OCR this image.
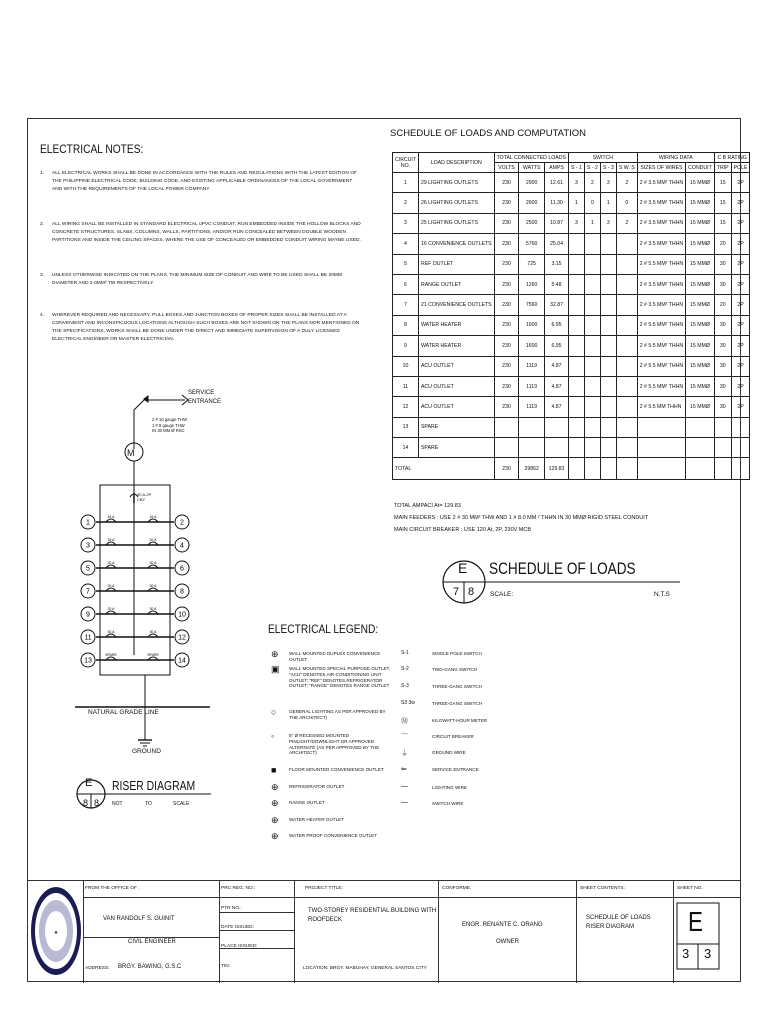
ELECTRICAL NOTES:
1. ALL ELECTRICAL WORKS SHALL BE DONE IN ACCORDANCE WITH THE RULES AND REGULATIONS WITH THE LATEST EDITION OF THE PHILIPPINE ELECTRICAL CODE, BUILDING CODE, AND EXISTING APPLICABLE ORDINANCES OF THE LOCAL GOVERNMENT AND WITH THE REQUIREMENTS OF THE LOCAL POWER COMPANY.
2. ALL WIRING SHALL BE INSTALLED IN STANDARD ELECTRICAL uPVC CONDUIT, RUN EMBEDDED INSIDE THE HOLLOW BLOCKS AND CONCRETE STRUCTURES, SLABS, COLUMNS, WALLS, PARTITIONS, AND/OR RUN CONCEALED BETWEEN DOUBLE WOODEN PARTITIONS AND INSIDE THE CEILING SPACES. WHERE THE USE OF CONCEALED OR EMBEDDED CONDUIT WIRING MAYBE USED.
3. UNLESS OTHERWISE INDICATED ON THE PLANS, THE MINIMUM SIZE OF CONDUIT AND WIRE TO BE USED SHALL BE 20MM DIAMETER AND 2.0MM² TW RESPECTIVELY.
4. WHEREVER REQUIRED AND NECESSARY, PULL BOXES AND JUNCTION BOXES OF PROPER SIZES SHALL BE INSTALLED AT A CONVENIENT AND INCONSPICUOUS LOCATIONS ALTHOUGH SUCH BOXES ARE NOT SHOWN ON THE PLANS NOR MENTIONED ON THE SPECIFICATIONS, WORKS SHALL BE DONE UNDER THE DIRECT AND IMMEDIATE SUPERVISION OF A DULY LICENSED ELECTRICAL ENGINEER OR MASTER ELECTRICIAN.
SCHEDULE OF LOADS AND COMPUTATION
CIRCUIT NO.	LOAD DESCRIPTION	TOTAL CONNECTED LOADS			SWITCH				WIRING DATA		C B RATING	
		VOLTS	WATTS	AMPS	S - 1	S - 2	S - 3	S W. S	SIZES OF WIRES	CONDUIT	TRIP	POLE
1	29 LIGHTING OUTLETS	230	2900	12.61	3	2	3	2	2 # 3.5 MM² THHN	15 MMØ	15	2P
2	26 LIGHTING OUTLETS	230	2600	11.30	1	0	1	0	2 # 3.5 MM² THHN	15 MMØ	15	2P
3	25 LIGHTING OUTLETS	230	2500	10.87	3	1	3	2	2 # 3.5 MM² THHN	15 MMØ	15	2P
4	16 CONVENIENCE OUTLETS	230	5760	25.04					2 # 3.5 MM² THHN	15 MMØ	20	2P
5	REF OUTLET	230	725	3.15					2 # 5.5 MM² THHN	15 MMØ	30	2P
6	RANGE OUTLET	230	1260	5.48					2 # 3.5 MM² THHN	15 MMØ	30	2P
7	21 CONVENIENCE OUTLETS	230	7560	32.87					2 # 3.5 MM² THHN	15 MMØ	20	2P
8	WATER HEATER	230	1600	6.95					2 # 5.5 MM² THHN	15 MMØ	30	2P
9	WATER HEATER	230	1600	6.95					2 # 5.5 MM² THHN	15 MMØ	30	2P
10	ACU OUTLET	230	1119	4.87					2 # 5.5 MM² THHN	15 MMØ	30	2P
11	ACU OUTLET	230	1119	4.87					2 # 5.5 MM² THHN	15 MMØ	30	2P
12	ACU OUTLET	230	1119	4.87					2 # 5.5 MM THHN	15 MMØ	30	2P
13	SPARE											
14	SPARE											
TOTAL		230	29862	129.83								
TOTAL AMPACI At= 129.83
MAIN FEEDERS : USE 2 # 30 MM² THW AND 1 # 8.0 MM ² THHN IN 30 MMØ RIGID STEEL CONDUIT
MAIN CIRCUIT BREAKER : USE 120 At, 2P, 230V MCB
E
7 8
SCHEDULE OF LOADS
SCALE:	N.T.S
1	2
15 A	15 A
3	4
15 A	20 A
5	6
20 A	30 A
7	8
20 A	30 A
9	10
20 A	30 A
11	12
30 A	30 A
13	14
SPARE	SPARE
M
SERVICE ENTRANCE
2 # 10 gauge THW
1 # 8 gauge THW
IN 30 MM Ø RSC
30 A-2P
CBY
NATURAL GRADE LINE
GROUND
E
8 8
RISER DIAGRAM
NOT	TO	SCALE
ELECTRICAL LEGEND:
⊕ WALL MOUNTED DUPLEX CONVENIENCE OUTLET
▣ WALL MOUNTED SPECIAL PURPOSE OUTLET, "ACU" DENOTES AIR-CONDITIONING UNIT OUTLET; "REF" DENOTES REFRIGERATOR OUTLET; "RANGE" DENOTES RANGE OUTLET
○	GENERAL LIGHTING AS PER APPROVED BY THE ARCHITECT)
◦	6" Ø RECESSED MOUNTED PINLIGHT/DOWNLIGHT OR APPROVED ALTERNATE (AS PER APPROVED BY THE ARCHITECT)
■	FLOOR MOUNTED CONVENIENCE OUTLET
⊕ REFRIGERATOR OUTLET
⊕ RANGE OUTLET
⊕ WATER HEATER OUTLET
⊕ WATER PROOF CONVENIENCE OUTLET
S-1	SINGLE POLE SWITCH
S-2	TWO-GANG SWITCH
S-3	THREE-GANG SWITCH
S3 3w	THREE-GANG SWITCH
Ⓜ	KILOWATT-HOUR METER
⌒	CIRCUIT BREAKER
⏚	GROUND WIRE
⇐	SERVICE ENTRANCE
—	LIGHTING WIRE
—	SWITCH WIRE
★
FROM THE OFFICE OF :
VAN RANDOLF S. GUINIT
CIVIL ENGINEER
ADDRESS: BRGY. BAWING, G.S.C
PRC REG. NO.:
PTR NO.:
DATE ISSUED:
PLACE ISSUED:
TIN:
PROJECT TITLE:
TWO-STOREY RESIDENTIAL BUILDING WITH ROOFDECK
LOCATION: BRGY. MABUHAY, GENERAL SANTOS CITY
CONFORME:
ENGR. RENANTE C. ORANG
OWNER
SHEET CONTENTS:
SCHEDULE OF LOADS RISER DIAGRAM
SHEET NO.
E
3 3
